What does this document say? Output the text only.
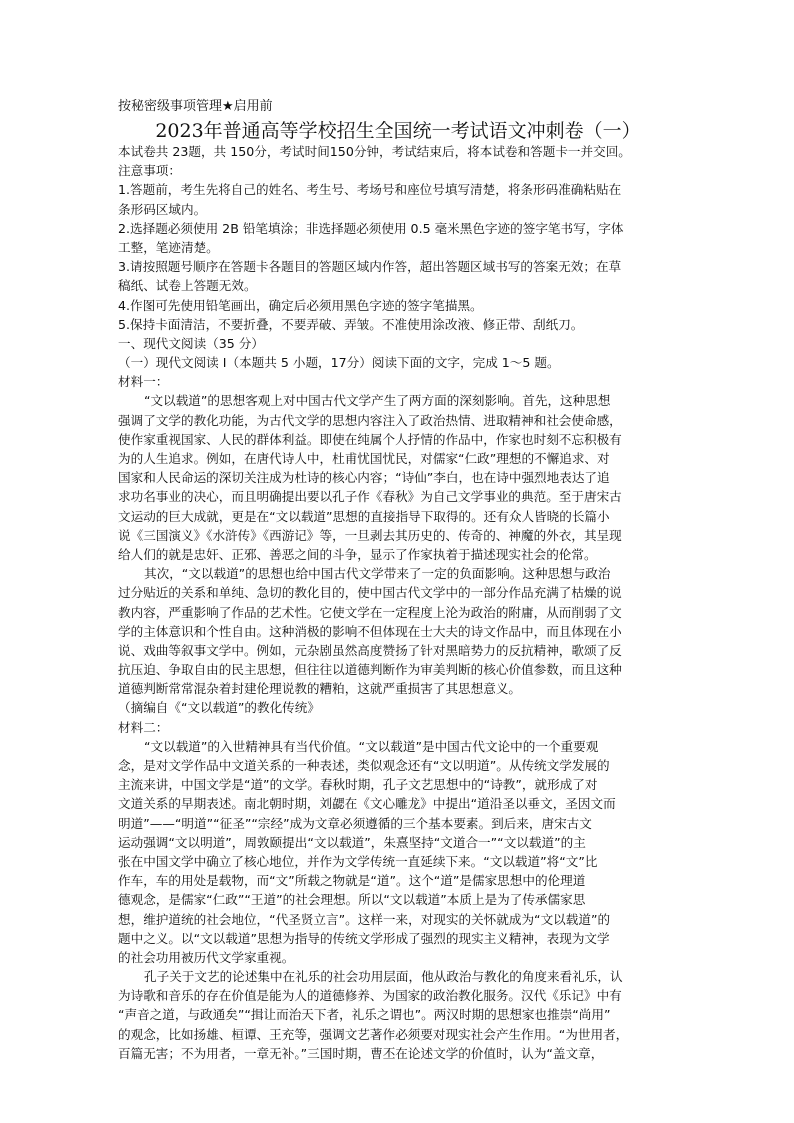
按秘密级事项管理★启用前
2023年普通高等学校招生全国统一考试语文冲刺卷（一）
本试卷共 23题，共 150分，考试时间150分钟，考试结束后，将本试卷和答题卡一并交回。
注意事项：
1.答题前，考生先将自己的姓名、考生号、考场号和座位号填写清楚，将条形码准确粘贴在
条形码区域内。
2.选择题必须使用 2B 铅笔填涂；非选择题必须使用 0.5 毫米黑色字迹的签字笔书写，字体
工整，笔迹清楚。
3.请按照题号顺序在答题卡各题目的答题区域内作答，超出答题区域书写的答案无效；在草
稿纸、试卷上答题无效。
4.作图可先使用铅笔画出，确定后必须用黑色字迹的签字笔描黑。
5.保持卡面清洁，不要折叠，不要弄破、弄皱。不准使用涂改液、修正带、刮纸刀。
一、现代文阅读（35 分）
（一）现代文阅读 I（本题共 5 小题，17分）阅读下面的文字，完成 1～5 题。
材料一：
“文以载道”的思想客观上对中国古代文学产生了两方面的深刻影响。首先，这种思想
强调了文学的教化功能，为古代文学的思想内容注入了政治热情、进取精神和社会使命感，
使作家重视国家、人民的群体利益。即使在纯属个人抒情的作品中，作家也时刻不忘积极有
为的人生追求。例如，在唐代诗人中，杜甫忧国忧民，对儒家“仁政”理想的不懈追求、对
国家和人民命运的深切关注成为杜诗的核心内容；“诗仙”李白，也在诗中强烈地表达了追
求功名事业的决心，而且明确提出要以孔子作《春秋》为自己文学事业的典范。至于唐宋古
文运动的巨大成就，更是在“文以载道”思想的直接指导下取得的。还有众人皆晓的长篇小
说《三国演义》《水浒传》《西游记》等，一旦剥去其历史的、传奇的、神魔的外衣，其呈现
给人们的就是忠奸、正邪、善恶之间的斗争，显示了作家执着于描述现实社会的伦常。
其次，“文以载道”的思想也给中国古代文学带来了一定的负面影响。这种思想与政治
过分贴近的关系和单纯、急切的教化目的，使中国古代文学中的一部分作品充满了枯燥的说
教内容，严重影响了作品的艺术性。它使文学在一定程度上沦为政治的附庸，从而削弱了文
学的主体意识和个性自由。这种消极的影响不但体现在士大夫的诗文作品中，而且体现在小
说、戏曲等叙事文学中。例如，元杂剧虽然高度赞扬了针对黑暗势力的反抗精神，歌颂了反
抗压迫、争取自由的民主思想，但往往以道德判断作为审美判断的核心价值参数，而且这种
道德判断常常混杂着封建伦理说教的糟粕，这就严重损害了其思想意义。
（摘编自《“文以载道”的教化传统》
材料二：
“文以载道”的入世精神具有当代价值。“文以载道”是中国古代文论中的一个重要观
念，是对文学作品中文道关系的一种表述，类似观念还有“文以明道”。从传统文学发展的
主流来讲，中国文学是“道”的文学。春秋时期，孔子文艺思想中的“诗教”，就形成了对
文道关系的早期表述。南北朝时期，刘勰在《文心雕龙》中提出“道沿圣以垂文，圣因文而
明道”——“明道”“征圣”“宗经”成为文章必须遵循的三个基本要素。到后来，唐宋古文
运动强调“文以明道”，周敦颐提出“文以载道”，朱熹坚持“文道合一”“文以载道”的主
张在中国文学中确立了核心地位，并作为文学传统一直延续下来。“文以载道”将“文”比
作车，车的用处是载物，而“文”所载之物就是“道”。这个“道”是儒家思想中的伦理道
德观念，是儒家“仁政”“王道”的社会理想。所以“文以载道”本质上是为了传承儒家思
想，维护道统的社会地位，“代圣贤立言”。这样一来，对现实的关怀就成为“文以载道”的
题中之义。以“文以载道”思想为指导的传统文学形成了强烈的现实主义精神，表现为文学
的社会功用被历代文学家重视。
孔子关于文艺的论述集中在礼乐的社会功用层面，他从政治与教化的角度来看礼乐，认
为诗歌和音乐的存在价值是能为人的道德修养、为国家的政治教化服务。汉代《乐记》中有
“声音之道，与政通矣”“揖让而治天下者，礼乐之谓也”。两汉时期的思想家也推崇“尚用”
的观念，比如扬雄、桓谭、王充等，强调文艺著作必须要对现实社会产生作用。“为世用者，
百篇无害；不为用者，一章无补。”三国时期，曹丕在论述文学的价值时，认为“盖文章，
